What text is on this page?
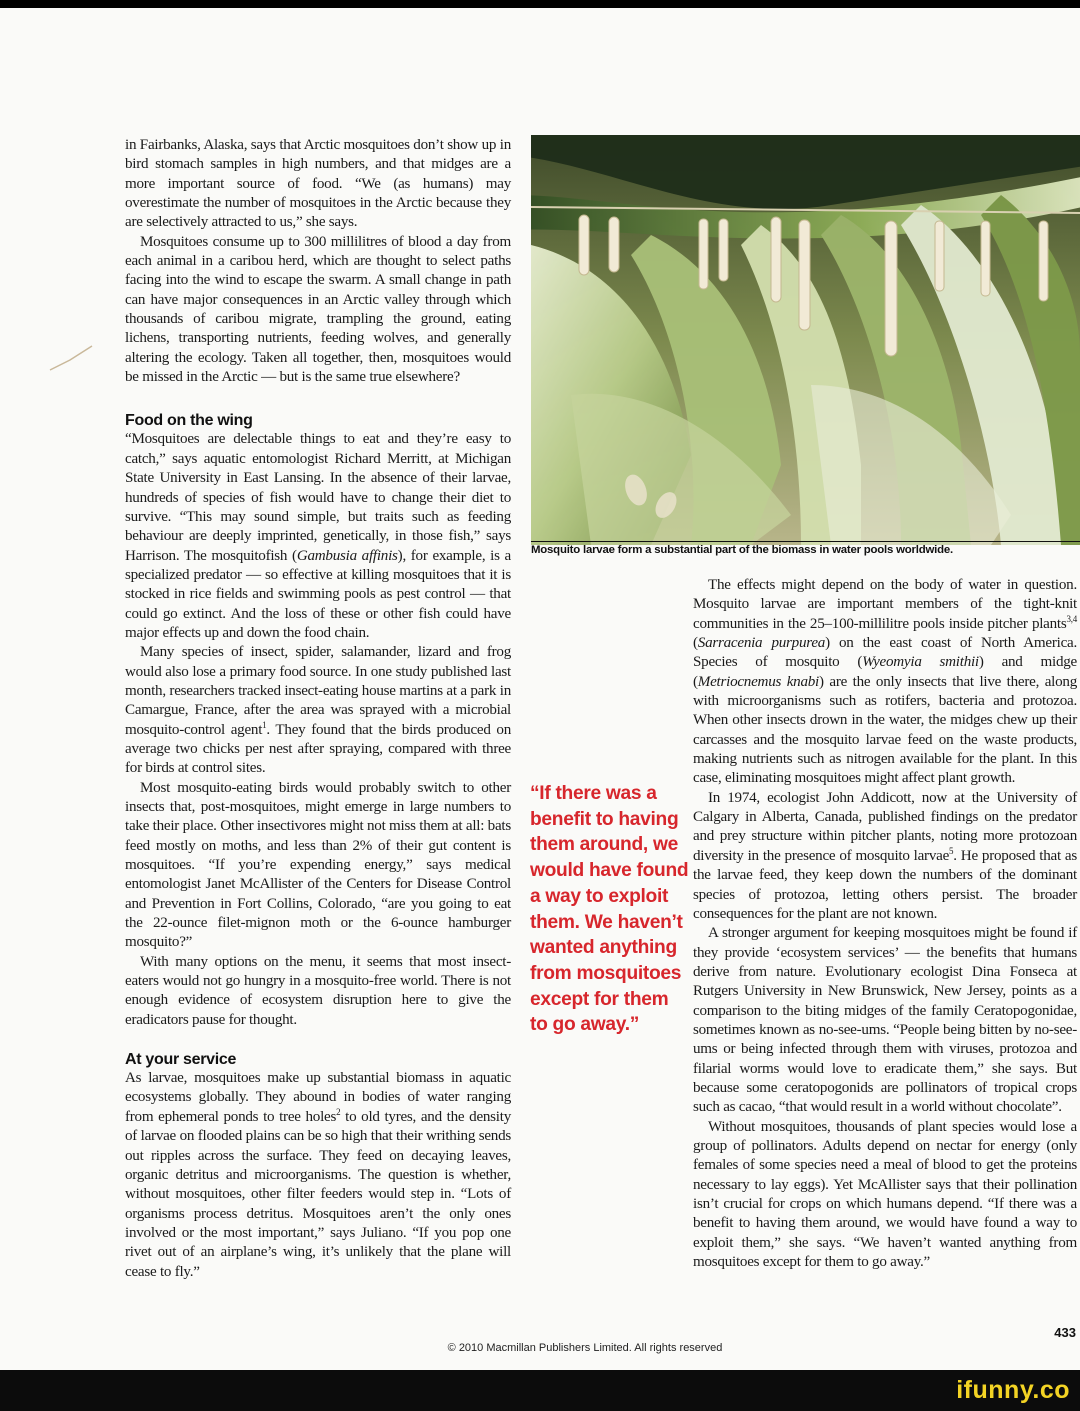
in Fairbanks, Alaska, says that Arctic mosquitoes don’t show up in bird stomach samples in high numbers, and that midges are a more important source of food. “We (as humans) may overestimate the number of mosquitoes in the Arctic because they are selectively attracted to us,” she says.

Mosquitoes consume up to 300 millilitres of blood a day from each animal in a caribou herd, which are thought to select paths facing into the wind to escape the swarm. A small change in path can have major consequences in an Arctic valley through which thousands of caribou migrate, trampling the ground, eating lichens, transporting nutrients, feeding wolves, and generally altering the ecology. Taken all together, then, mosquitoes would be missed in the Arctic — but is the same true elsewhere?

Food on the wing

“Mosquitoes are delectable things to eat and they’re easy to catch,” says aquatic entomologist Richard Merritt, at Michigan State University in East Lansing. In the absence of their larvae, hundreds of species of fish would have to change their diet to survive. “This may sound simple, but traits such as feeding behaviour are deeply imprinted, genetically, in those fish,” says Harrison. The mosquitofish (Gambusia affinis), for example, is a specialized predator — so effective at killing mosquitoes that it is stocked in rice fields and swimming pools as pest control — that could go extinct. And the loss of these or other fish could have major effects up and down the food chain.

Many species of insect, spider, salamander, lizard and frog would also lose a primary food source. In one study published last month, researchers tracked insect-eating house martins at a park in Camargue, France, after the area was sprayed with a microbial mosquito-control agent$^1$. They found that the birds produced on average two chicks per nest after spraying, compared with three for birds at control sites.

Most mosquito-eating birds would probably switch to other insects that, post-mosquitoes, might emerge in large numbers to take their place. Other insectivores might not miss them at all: bats feed mostly on moths, and less than 2% of their gut content is mosquitoes. “If you’re expending energy,” says medical entomologist Janet McAllister of the Centers for Disease Control and Prevention in Fort Collins, Colorado, “are you going to eat the 22-ounce filet-mignon moth or the 6-ounce hamburger mosquito?”

With many options on the menu, it seems that most insect-eaters would not go hungry in a mosquito-free world. There is not enough evidence of ecosystem disruption here to give the eradicators pause for thought.

At your service

As larvae, mosquitoes make up substantial biomass in aquatic ecosystems globally. They abound in bodies of water ranging from ephemeral ponds to tree holes$^2$ to old tyres, and the density of larvae on flooded plains can be so high that their writhing sends out ripples across the surface. They feed on decaying leaves, organic detritus and microorganisms. The question is whether, without mosquitoes, other filter feeders would step in. “Lots of organisms process detritus. Mosquitoes aren’t the only ones involved or the most important,” says Juliano. “If you pop one rivet out of an airplane’s wing, it’s unlikely that the plane will cease to fly.”

Mosquito larvae form a substantial part of the biomass in water pools worldwide.
“If there was a benefit to having them around, we would have found a way to exploit them. We haven’t wanted anything from mosquitoes except for them to go away.”

The effects might depend on the body of water in question. Mosquito larvae are important members of the tight-knit communities in the 25–100-millilitre pools inside pitcher plants$^{3,4}$ (Sarracenia purpurea) on the east coast of North America. Species of mosquito (Wyeomyia smithii) and midge (Metriocnemus knabi) are the only insects that live there, along with microorganisms such as rotifers, bacteria and protozoa. When other insects drown in the water, the midges chew up their carcasses and the mosquito larvae feed on the waste products, making nutrients such as nitrogen available for the plant. In this case, eliminating mosquitoes might affect plant growth.

In 1974, ecologist John Addicott, now at the University of Calgary in Alberta, Canada, published findings on the predator and prey structure within pitcher plants, noting more protozoan diversity in the presence of mosquito larvae$^5$. He proposed that as the larvae feed, they keep down the numbers of the dominant species of protozoa, letting others persist. The broader consequences for the plant are not known.

A stronger argument for keeping mosquitoes might be found if they provide ‘ecosystem services’ — the benefits that humans derive from nature. Evolutionary ecologist Dina Fonseca at Rutgers University in New Brunswick, New Jersey, points as a comparison to the biting midges of the family Ceratopogonidae, sometimes known as no-see-ums. “People being bitten by no-see-ums or being infected through them with viruses, protozoa and filarial worms would love to eradicate them,” she says. But because some ceratopogonids are pollinators of tropical crops such as cacao, “that would result in a world without chocolate”.

Without mosquitoes, thousands of plant species would lose a group of pollinators. Adults depend on nectar for energy (only females of some species need a meal of blood to get the proteins necessary to lay eggs). Yet McAllister says that their pollination isn’t crucial for crops on which humans depend. “If there was a benefit to having them around, we would have found a way to exploit them,” she says. “We haven’t wanted anything from mosquitoes except for them to go away.”

433
© 2010 Macmillan Publishers Limited. All rights reserved
ifunny.co
